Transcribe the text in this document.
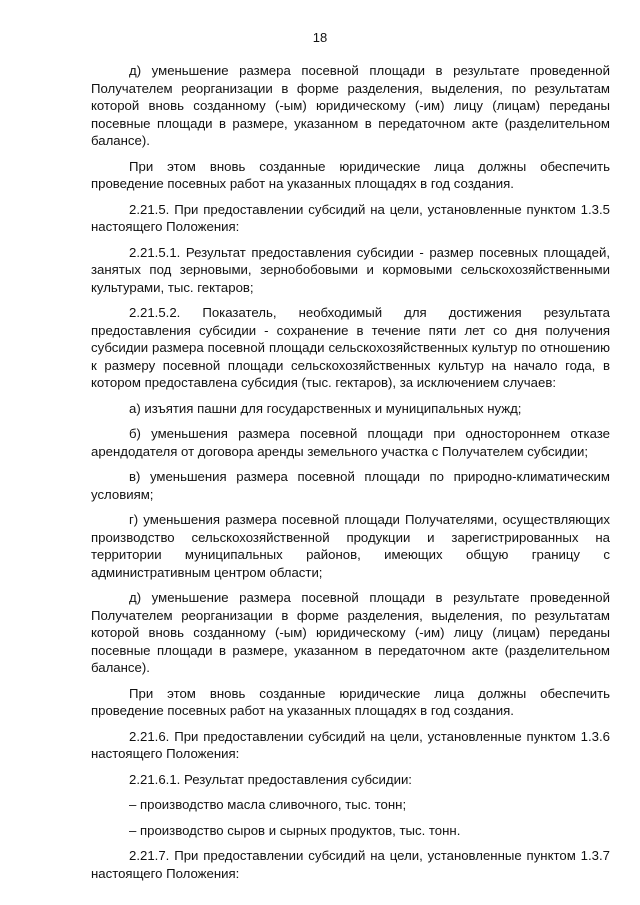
18

д) уменьшение размера посевной площади в результате проведенной Получателем реорганизации в форме разделения, выделения, по результатам которой вновь созданному (-ым) юридическому (-им) лицу (лицам) переданы посевные площади в размере, указанном в передаточном акте (разделительном балансе).

При этом вновь созданные юридические лица должны обеспечить проведение посевных работ на указанных площадях в год создания.

2.21.5. При предоставлении субсидий на цели, установленные пунктом 1.3.5 настоящего Положения:

2.21.5.1. Результат предоставления субсидии - размер посевных площадей, занятых под зерновыми, зернобобовыми и кормовыми сельскохозяйственными культурами, тыс. гектаров;

2.21.5.2. Показатель, необходимый для достижения результата предоставления субсидии - сохранение в течение пяти лет со дня получения субсидии размера посевной площади сельскохозяйственных культур по отношению к размеру посевной площади сельскохозяйственных культур на начало года, в котором предоставлена субсидия (тыс. гектаров), за исключением случаев:

а) изъятия пашни для государственных и муниципальных нужд;

б) уменьшения размера посевной площади при одностороннем отказе арендодателя от договора аренды земельного участка с Получателем субсидии;

в) уменьшения размера посевной площади по природно-климатическим условиям;

г) уменьшения размера посевной площади Получателями, осуществляющих производство сельскохозяйственной продукции и зарегистрированных на территории муниципальных районов, имеющих общую границу с административным центром области;

д) уменьшение размера посевной площади в результате проведенной Получателем реорганизации в форме разделения, выделения, по результатам которой вновь созданному (-ым) юридическому (-им) лицу (лицам) переданы посевные площади в размере, указанном в передаточном акте (разделительном балансе).

При этом вновь созданные юридические лица должны обеспечить проведение посевных работ на указанных площадях в год создания.

2.21.6. При предоставлении субсидий на цели, установленные пунктом 1.3.6 настоящего Положения:

2.21.6.1. Результат предоставления субсидии:

– производство масла сливочного, тыс. тонн;

– производство сыров и сырных продуктов, тыс. тонн.

2.21.7. При предоставлении субсидий на цели, установленные пунктом 1.3.7 настоящего Положения:
